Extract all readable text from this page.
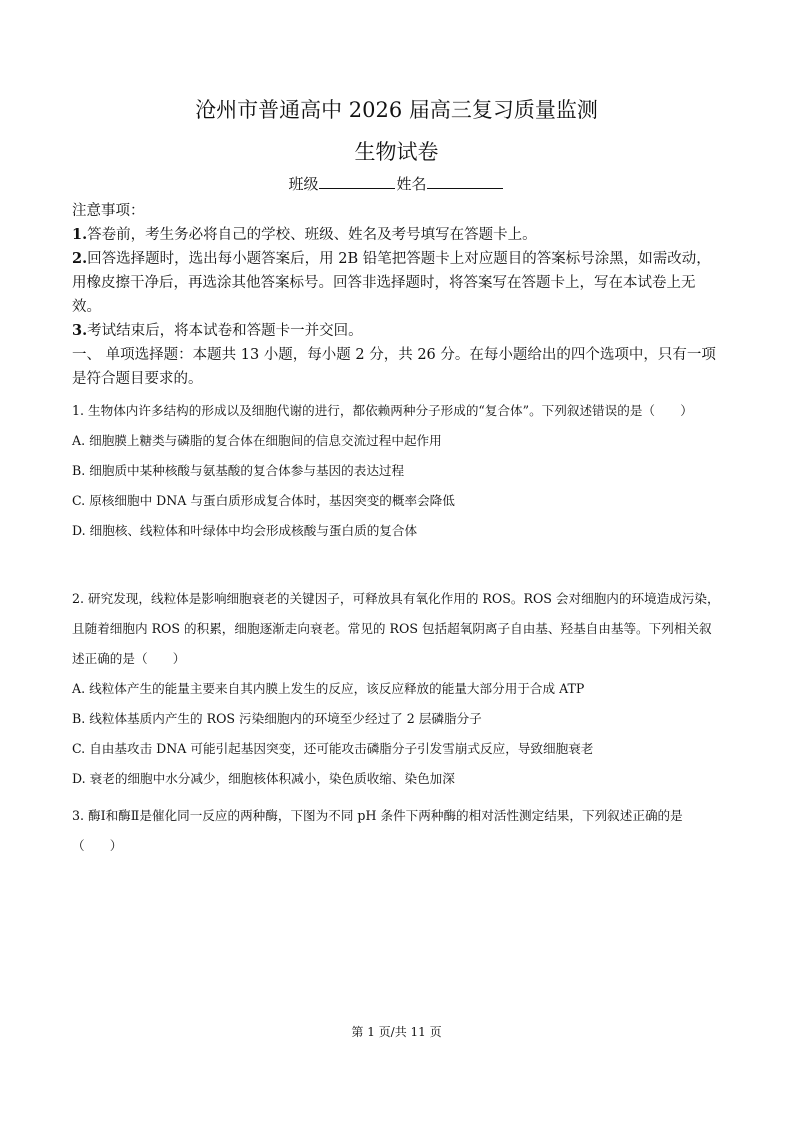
沧州市普通高中 2026 届高三复习质量监测
生物试卷
班级	姓名

注意事项：

1.答卷前，考生务必将自己的学校、班级、姓名及考号填写在答题卡上。

2.回答选择题时，选出每小题答案后，用 2B 铅笔把答题卡上对应题目的答案标号涂黑，如需改动，用橡皮擦干净后，再选涂其他答案标号。回答非选择题时，将答案写在答题卡上，写在本试卷上无效。

3.考试结束后，将本试卷和答题卡一并交回。

一、 单项选择题：本题共 13 小题，每小题 2 分，共 26 分。在每小题给出的四个选项中，只有一项是符合题目要求的。

1. 生物体内许多结构的形成以及细胞代谢的进行，都依赖两种分子形成的“复合体”。下列叙述错误的是（　　）
A. 细胞膜上糖类与磷脂的复合体在细胞间的信息交流过程中起作用
B. 细胞质中某种核酸与氨基酸的复合体参与基因的表达过程
C. 原核细胞中 DNA 与蛋白质形成复合体时，基因突变的概率会降低
D. 细胞核、线粒体和叶绿体中均会形成核酸与蛋白质的复合体
2. 研究发现，线粒体是影响细胞衰老的关键因子，可释放具有氧化作用的 ROS。ROS 会对细胞内的环境造成污染，且随着细胞内 ROS 的积累，细胞逐渐走向衰老。常见的 ROS 包括超氧阴离子自由基、羟基自由基等。下列相关叙述正确的是（　　）
A. 线粒体产生的能量主要来自其内膜上发生的反应，该反应释放的能量大部分用于合成 ATP
B. 线粒体基质内产生的 ROS 污染细胞内的环境至少经过了 2 层磷脂分子
C. 自由基攻击 DNA 可能引起基因突变，还可能攻击磷脂分子引发雪崩式反应，导致细胞衰老
D. 衰老的细胞中水分减少，细胞核体积减小，染色质收缩、染色加深
3. 酶Ⅰ和酶Ⅱ是催化同一反应的两种酶，下图为不同 pH 条件下两种酶的相对活性测定结果，下列叙述正确的是（　　）
第 1 页/共 11 页
